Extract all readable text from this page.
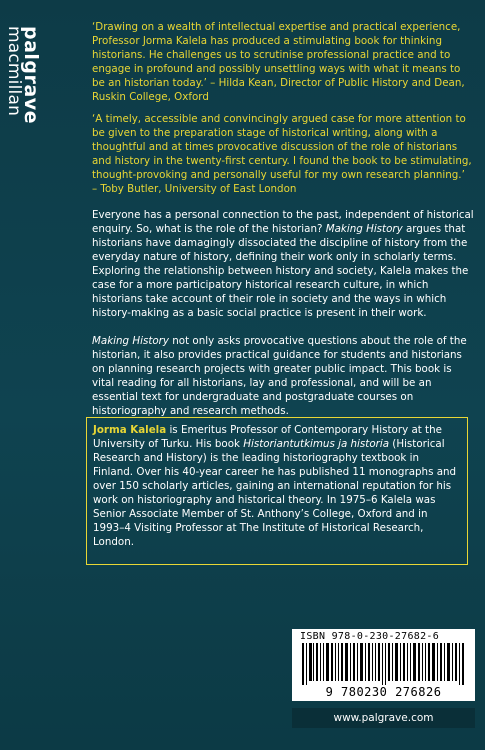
palgrave
macmillan	‘Drawing on a wealth of intellectual expertise and practical experience, Professor Jorma Kalela has produced a stimulating book for thinking historians. He challenges us to scrutinise professional practice and to engage in profound and possibly unsettling ways with what it means to be an historian today.’ – Hilda Kean, Director of Public History and Dean, Ruskin College, Oxford

‘A timely, accessible and convincingly argued case for more attention to be given to the preparation stage of historical writing, along with a thoughtful and at times provocative discussion of the role of historians and history in the twenty-first century. I found the book to be stimulating, thought-provoking and personally useful for my own research planning.’
– Toby Butler, University of East London

Everyone has a personal connection to the past, independent of historical enquiry. So, what is the role of the historian? Making History argues that historians have damagingly dissociated the discipline of history from the everyday nature of history, defining their work only in scholarly terms. Exploring the relationship between history and society, Kalela makes the case for a more participatory historical research culture, in which historians take account of their role in society and the ways in which history-making as a basic social practice is present in their work.

Making History not only asks provocative questions about the role of the historian, it also provides practical guidance for students and historians on planning research projects with greater public impact. This book is vital reading for all historians, lay and professional, and will be an essential text for undergraduate and postgraduate courses on historiography and research methods.

Jorma Kalela is Emeritus Professor of Contemporary History at the University of Turku. His book Historiantutkimus ja historia (Historical Research and History) is the leading historiography textbook in Finland. Over his 40-year career he has published 11 monographs and over 150 scholarly articles, gaining an international reputation for his work on historiography and historical theory. In 1975–6 Kalela was Senior Associate Member of St. Anthony’s College, Oxford and in 1993–4 Visiting Professor at The Institute of Historical Research, London.
ISBN 978-0-230-27682-6
9 780230 276826
www.palgrave.com
